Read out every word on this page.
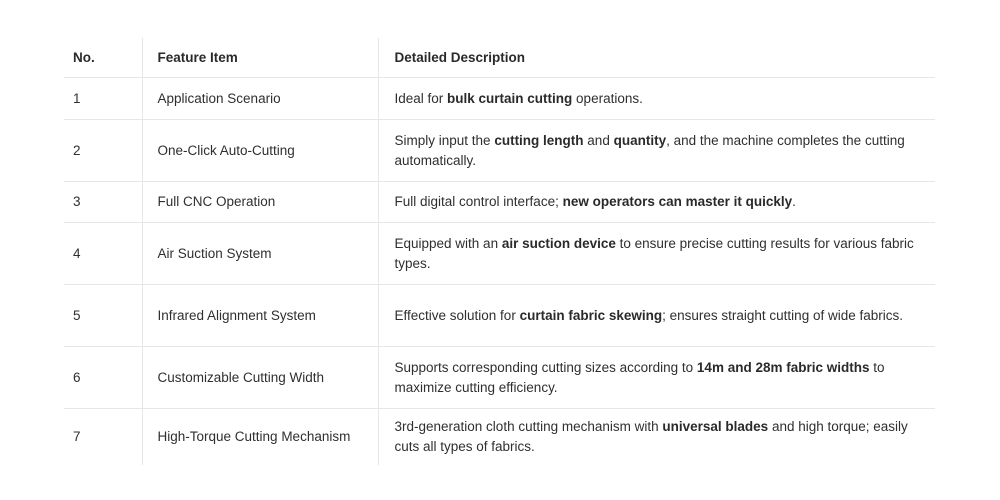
No.	Feature Item	Detailed Description
1	Application Scenario	Ideal for bulk curtain cutting operations.
2	One-Click Auto-Cutting	Simply input the cutting length and quantity, and the machine completes the cutting automatically.
3	Full CNC Operation	Full digital control interface; new operators can master it quickly.
4	Air Suction System	Equipped with an air suction device to ensure precise cutting results for various fabric types.
5	Infrared Alignment System	Effective solution for curtain fabric skewing; ensures straight cutting of wide fabrics.
6	Customizable Cutting Width	Supports corresponding cutting sizes according to 14m and 28m fabric widths to maximize cutting efficiency.
7	High-Torque Cutting Mechanism	3rd-generation cloth cutting mechanism with universal blades and high torque; easily cuts all types of fabrics.
